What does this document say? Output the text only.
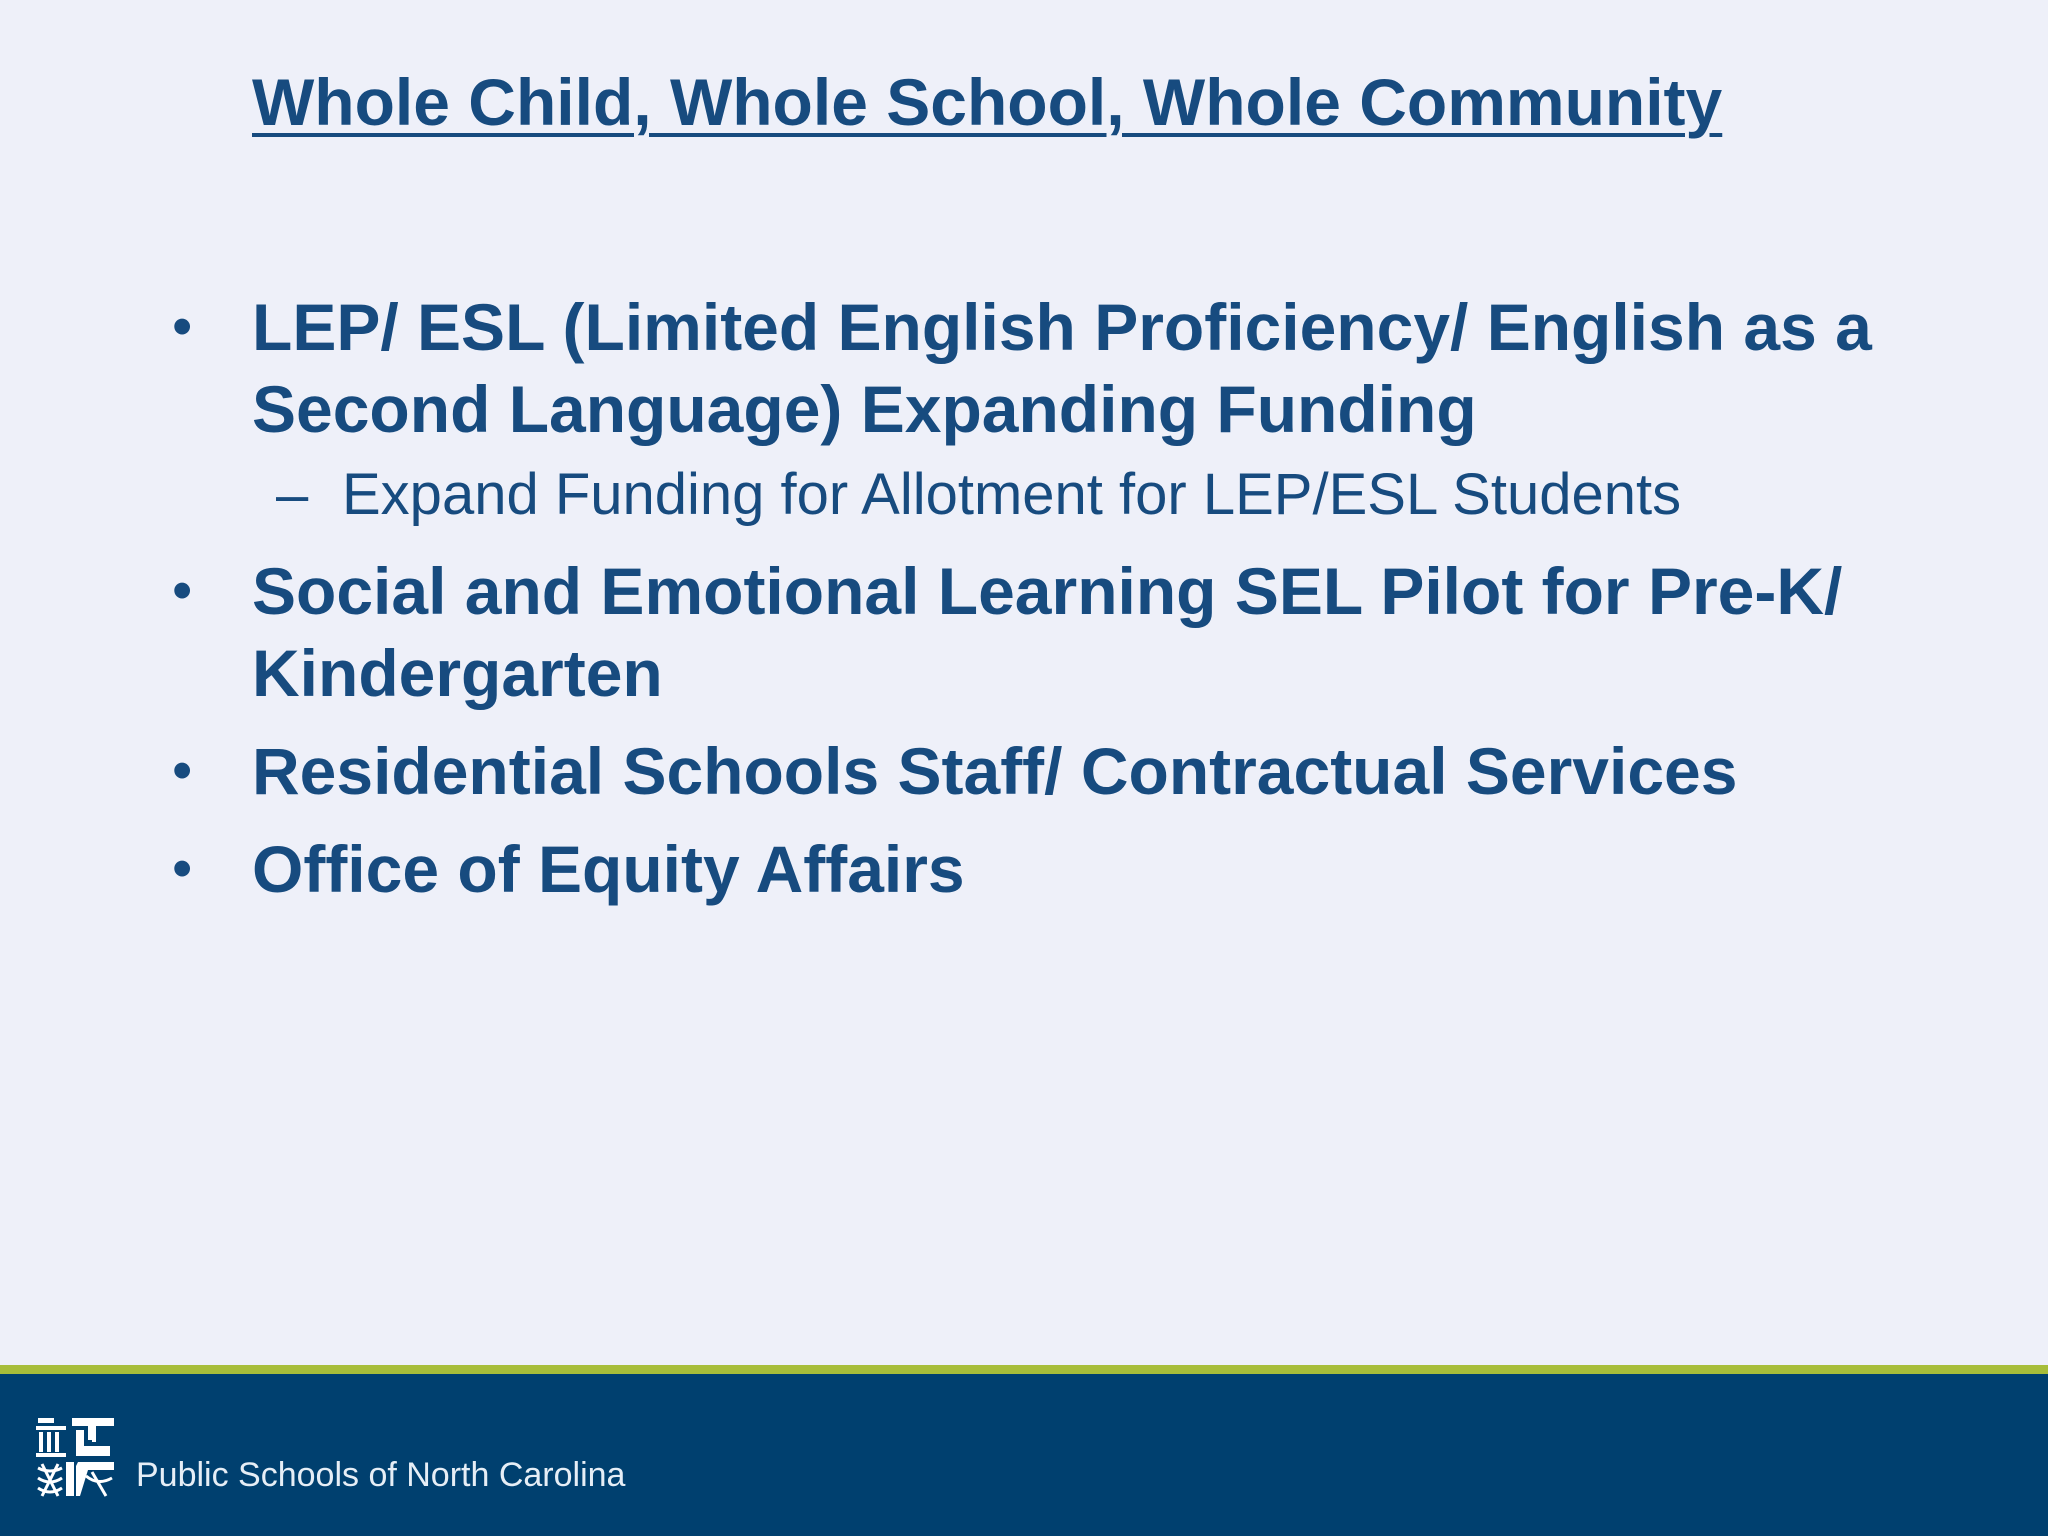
Whole Child, Whole School, Whole Community
• LEP/ ESL (Limited English Proficiency/ English as a Second Language) Expanding Funding
– Expand Funding for Allotment for LEP/ESL Students
• Social and Emotional Learning SEL Pilot for Pre-K/ Kindergarten
• Residential Schools Staff/ Contractual Services
• Office of Equity Affairs
Public Schools of North Carolina
